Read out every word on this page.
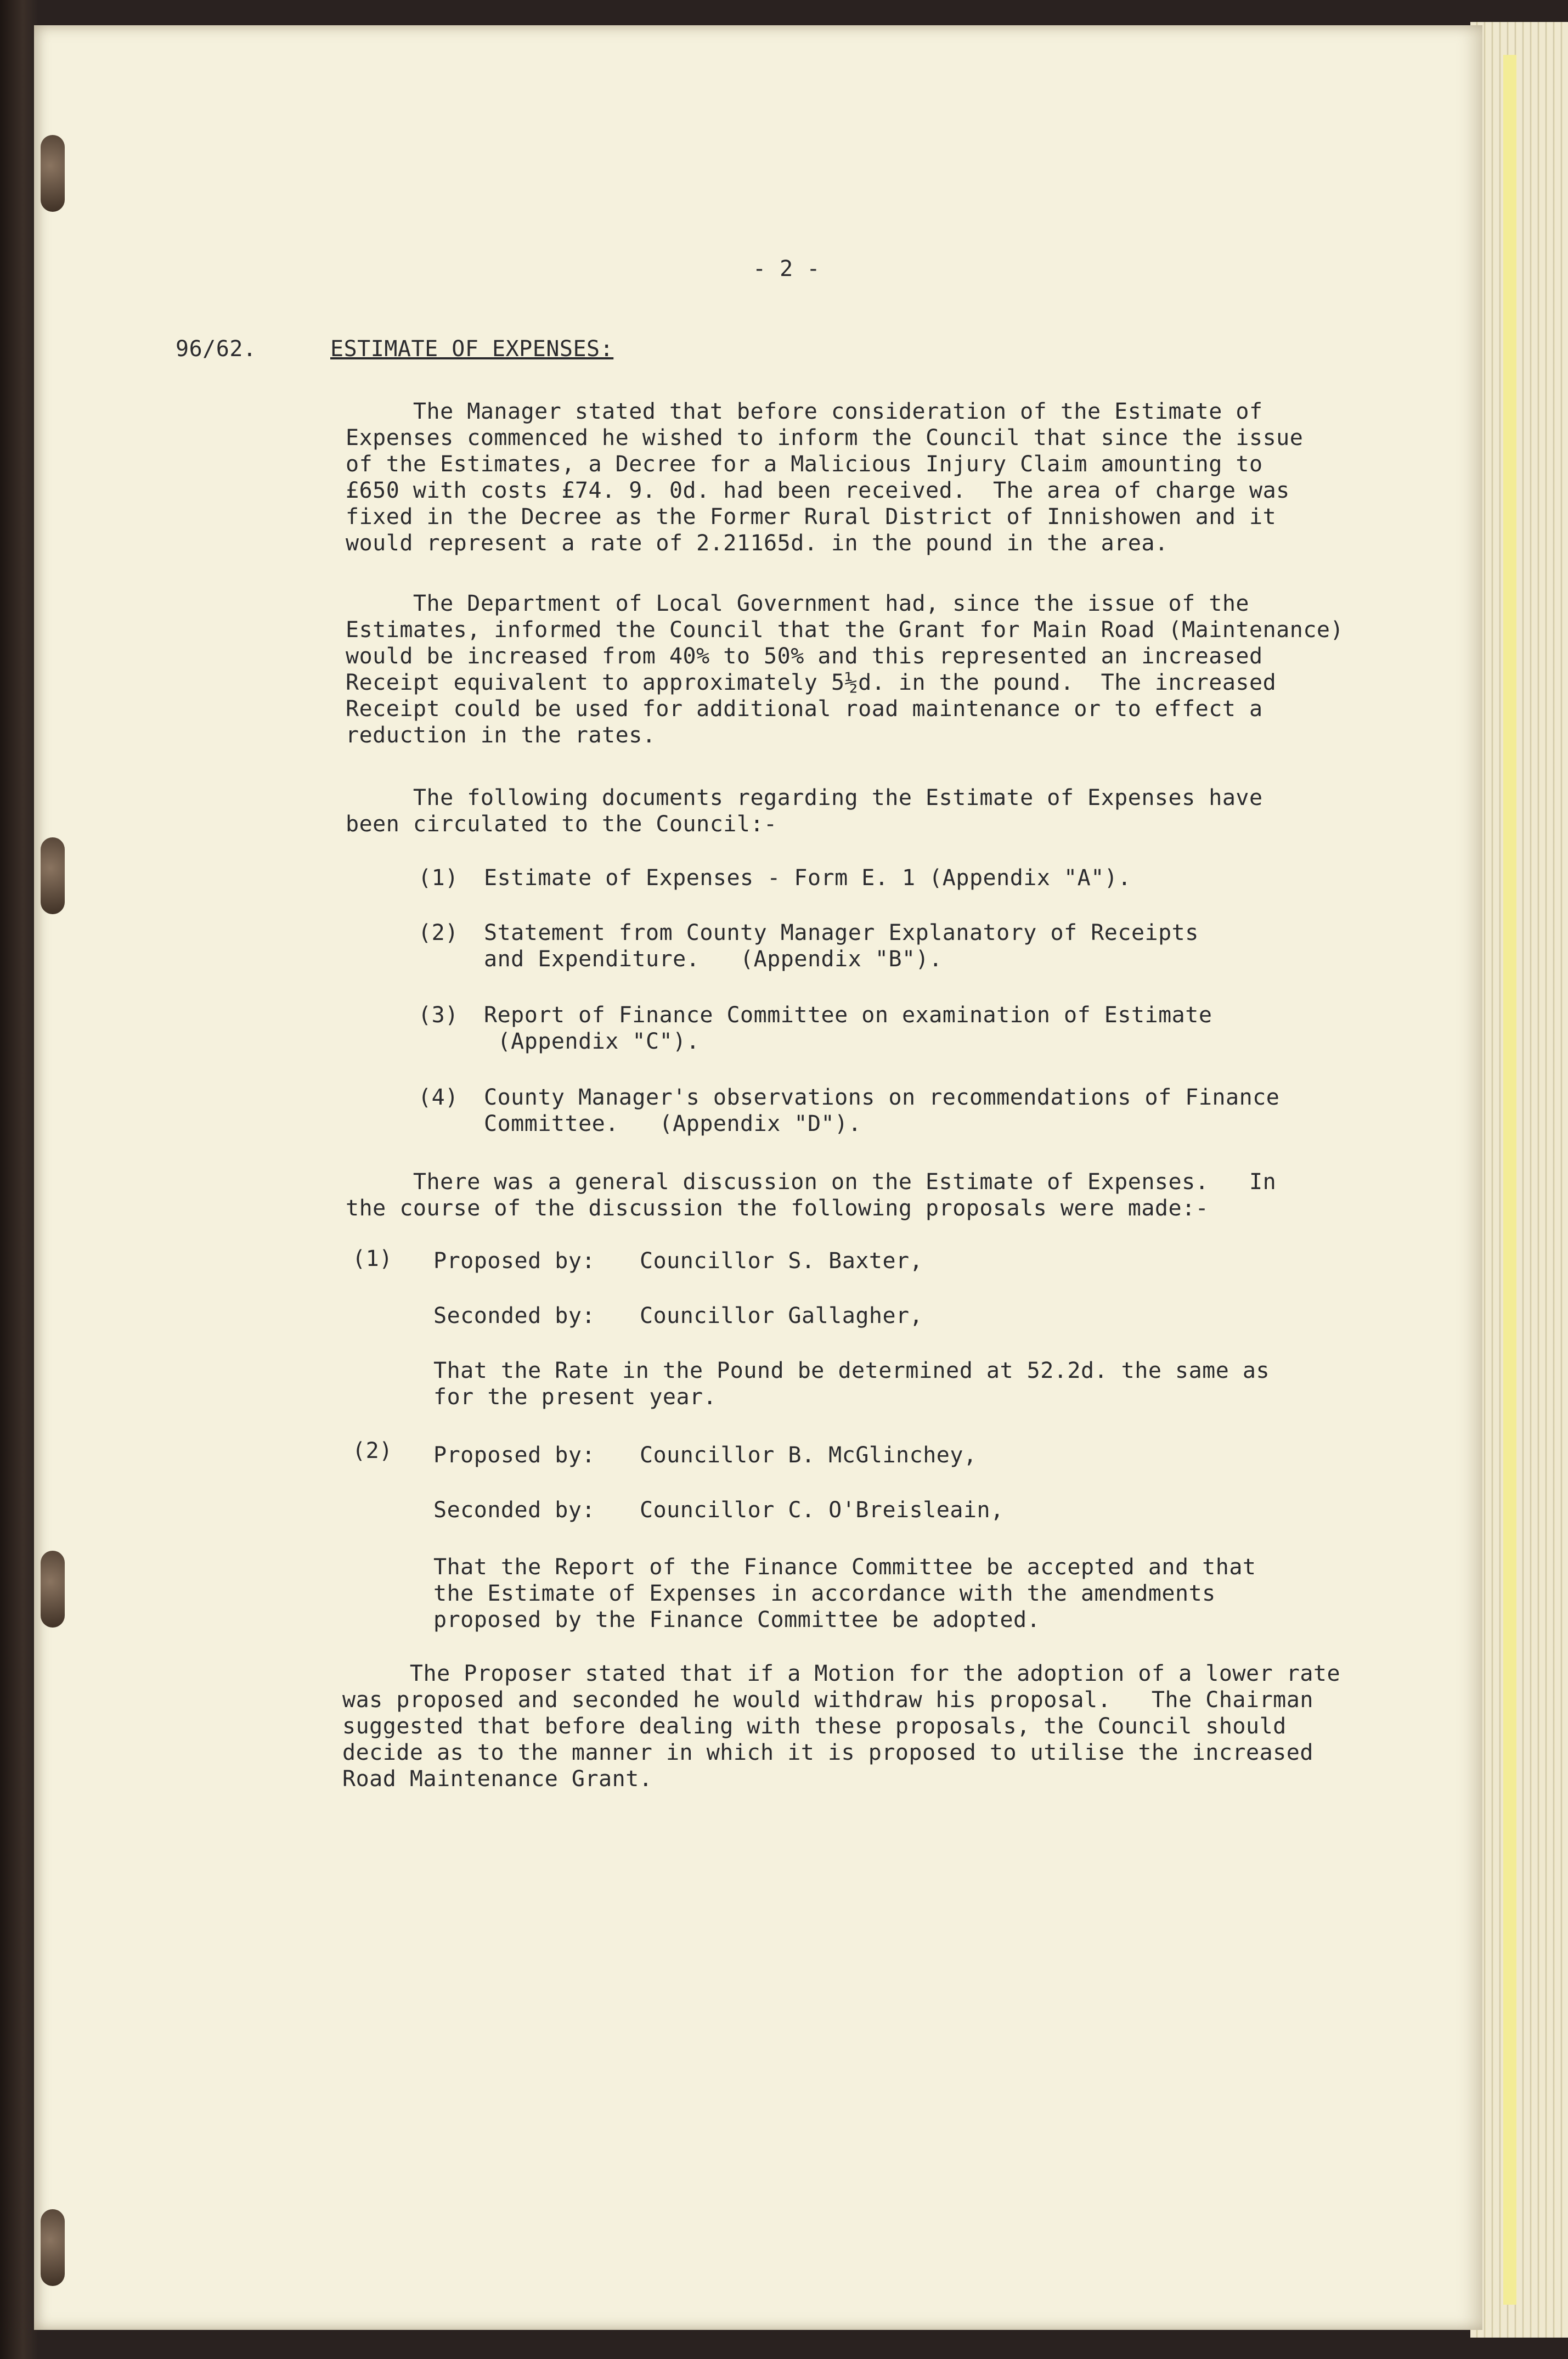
- 2 -
96/62.	ESTIMATE OF EXPENSES:
The Manager stated that before consideration of the Estimate of
Expenses commenced he wished to inform the Council that since the issue
of the Estimates, a Decree for a Malicious Injury Claim amounting to
£650 with costs £74. 9. 0d. had been received.  The area of charge was
fixed in the Decree as the Former Rural District of Innishowen and it
would represent a rate of 2.21165d. in the pound in the area.
The Department of Local Government had, since the issue of the
Estimates, informed the Council that the Grant for Main Road (Maintenance)
would be increased from 40% to 50% and this represented an increased
Receipt equivalent to approximately 5½d. in the pound.  The increased
Receipt could be used for additional road maintenance or to effect a
reduction in the rates.
The following documents regarding the Estimate of Expenses have
been circulated to the Council:-

(1)

Estimate of Expenses - Form E. 1 (Appendix "A").

(2)

Statement from County Manager Explanatory of Receipts
and Expenditure.   (Appendix "B").

(3)

Report of Finance Committee on examination of Estimate
(Appendix "C").

(4)

County Manager's observations on recommendations of Finance
Committee.   (Appendix "D").

There was a general discussion on the Estimate of Expenses.   In
the course of the discussion the following proposals were made:-
(1) Proposed by: Councillor S. Baxter,
Seconded by: Councillor Gallagher,
That the Rate in the Pound be determined at 52.2d. the same as
for the present year.
(2) Proposed by: Councillor B. McGlinchey,
Seconded by: Councillor C. O'Breisleain,
That the Report of the Finance Committee be accepted and that
the Estimate of Expenses in accordance with the amendments
proposed by the Finance Committee be adopted.
The Proposer stated that if a Motion for the adoption of a lower rate
was proposed and seconded he would withdraw his proposal.   The Chairman
suggested that before dealing with these proposals, the Council should
decide as to the manner in which it is proposed to utilise the increased
Road Maintenance Grant.
